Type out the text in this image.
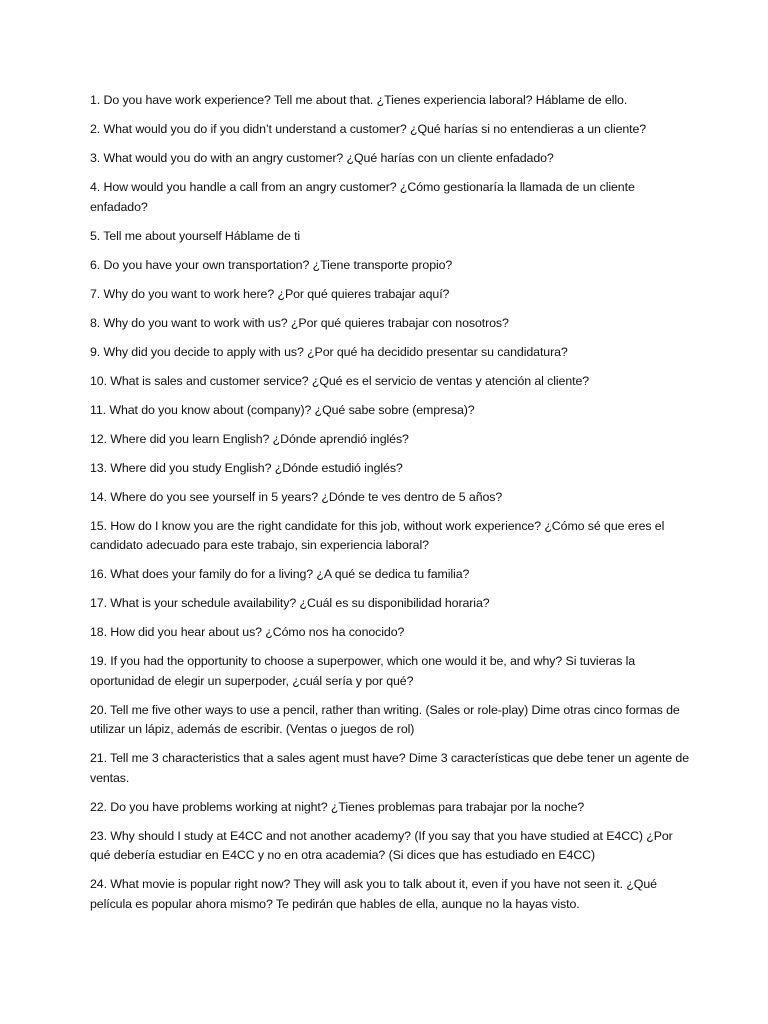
1. Do you have work experience? Tell me about that. ¿Tienes experiencia laboral? Háblame de ello.
2. What would you do if you didn’t understand a customer? ¿Qué harías si no entendieras a un cliente?
3. What would you do with an angry customer? ¿Qué harías con un cliente enfadado?
4. How would you handle a call from an angry customer? ¿Cómo gestionaría la llamada de un cliente enfadado?
5. Tell me about yourself Háblame de ti
6. Do you have your own transportation? ¿Tiene transporte propio?
7. Why do you want to work here? ¿Por qué quieres trabajar aquí?
8. Why do you want to work with us? ¿Por qué quieres trabajar con nosotros?
9. Why did you decide to apply with us? ¿Por qué ha decidido presentar su candidatura?
10. What is sales and customer service? ¿Qué es el servicio de ventas y atención al cliente?
11. What do you know about (company)? ¿Qué sabe sobre (empresa)?
12. Where did you learn English? ¿Dónde aprendió inglés?
13. Where did you study English? ¿Dónde estudió inglés?
14. Where do you see yourself in 5 years? ¿Dónde te ves dentro de 5 años?
15. How do I know you are the right candidate for this job, without work experience? ¿Cómo sé que eres el candidato adecuado para este trabajo, sin experiencia laboral?
16. What does your family do for a living? ¿A qué se dedica tu familia?
17. What is your schedule availability? ¿Cuál es su disponibilidad horaria?
18. How did you hear about us? ¿Cómo nos ha conocido?
19. If you had the opportunity to choose a superpower, which one would it be, and why? Si tuvieras la oportunidad de elegir un superpoder, ¿cuál sería y por qué?
20. Tell me five other ways to use a pencil, rather than writing. (Sales or role-play) Dime otras cinco formas de utilizar un lápiz, además de escribir. (Ventas o juegos de rol)
21. Tell me 3 characteristics that a sales agent must have? Dime 3 características que debe tener un agente de ventas.
22. Do you have problems working at night? ¿Tienes problemas para trabajar por la noche?
23. Why should I study at E4CC and not another academy? (If you say that you have studied at E4CC) ¿Por qué debería estudiar en E4CC y no en otra academia? (Si dices que has estudiado en E4CC)
24. What movie is popular right now? They will ask you to talk about it, even if you have not seen it. ¿Qué película es popular ahora mismo? Te pedirán que hables de ella, aunque no la hayas visto.
